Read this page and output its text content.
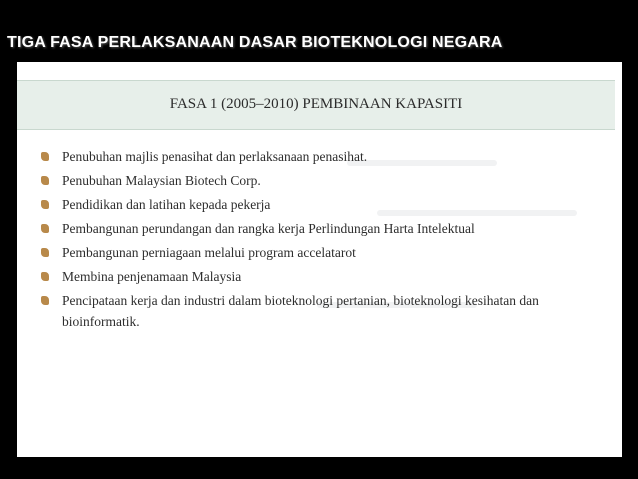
TIGA FASA PERLAKSANAAN DASAR BIOTEKNOLOGI NEGARA
FASA 1 (2005–2010) PEMBINAAN KAPASITI
Penubuhan majlis penasihat dan perlaksanaan penasihat.
Penubuhan Malaysian Biotech Corp.
Pendidikan dan latihan kepada pekerja
Pembangunan perundangan dan rangka kerja Perlindungan Harta Intelektual
Pembangunan perniagaan melalui program accelatarot
Membina penjenamaan Malaysia
Pencipataan kerja dan industri dalam bioteknologi pertanian, bioteknologi kesihatan dan bioinformatik.
